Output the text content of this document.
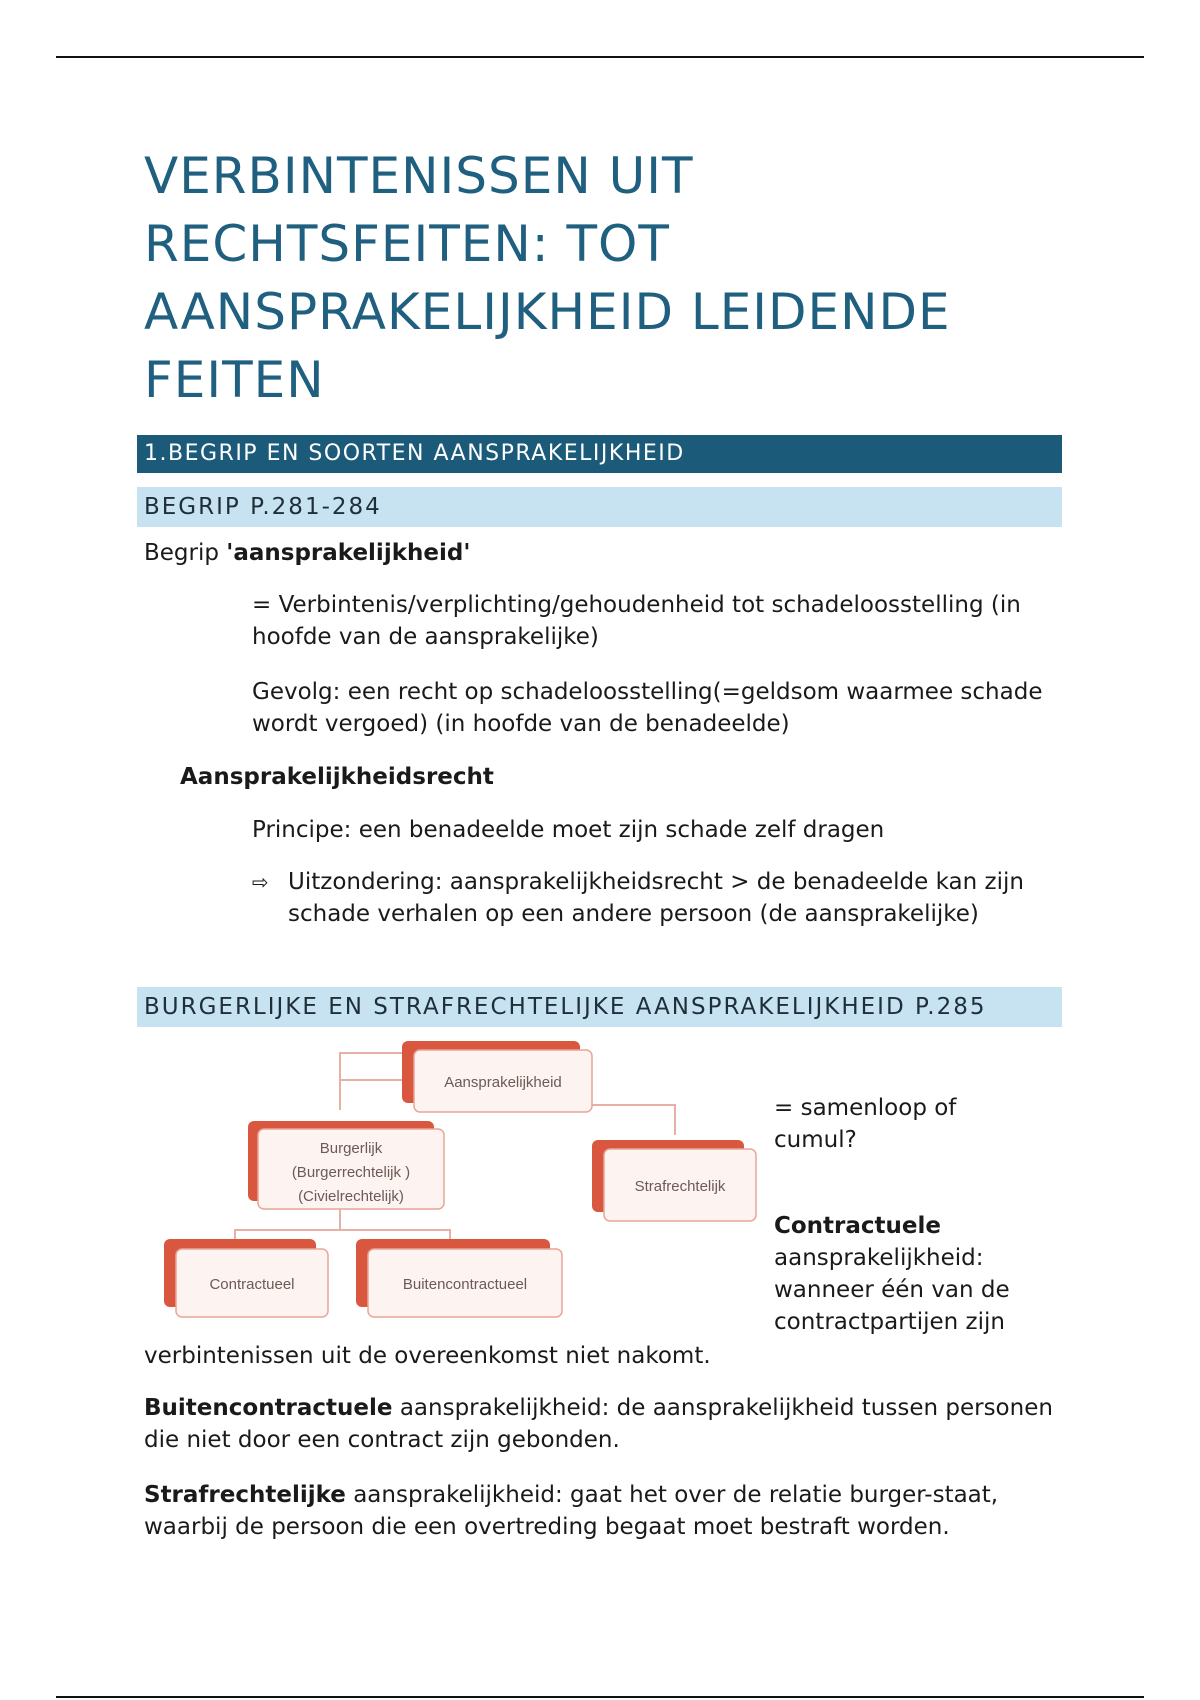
VERBINTENISSEN UIT
RECHTSFEITEN: TOT
AANSPRAKELIJKHEID LEIDENDE
FEITEN
1.BEGRIP EN SOORTEN AANSPRAKELIJKHEID
BEGRIP P.281-284
Begrip 'aansprakelijkheid'
= Verbintenis/verplichting/gehoudenheid tot schadeloosstelling (in hoofde van de aansprakelijke)
Gevolg: een recht op schadeloosstelling(=geldsom waarmee schade wordt vergoed) (in hoofde van de benadeelde)
Aansprakelijkheidsrecht
Principe: een benadeelde moet zijn schade zelf dragen
⇨ Uitzondering: aansprakelijkheidsrecht > de benadeelde kan zijn schade verhalen op een andere persoon (de aansprakelijke)
BURGERLIJKE EN STRAFRECHTELIJKE AANSPRAKELIJKHEID P.285
Aansprakelijkheid
Burgerlijk
(Burgerrechtelijk )
(Civielrechtelijk)
Strafrechtelijk
Contractueel	Buitencontractueel
= samenloop of cumul?
Contractuele aansprakelijkheid: wanneer één van de contractpartijen zijn
verbintenissen uit de overeenkomst niet nakomt.
Buitencontractuele aansprakelijkheid: de aansprakelijkheid tussen personen die niet door een contract zijn gebonden.
Strafrechtelijke aansprakelijkheid: gaat het over de relatie burger-staat, waarbij de persoon die een overtreding begaat moet bestraft worden.
